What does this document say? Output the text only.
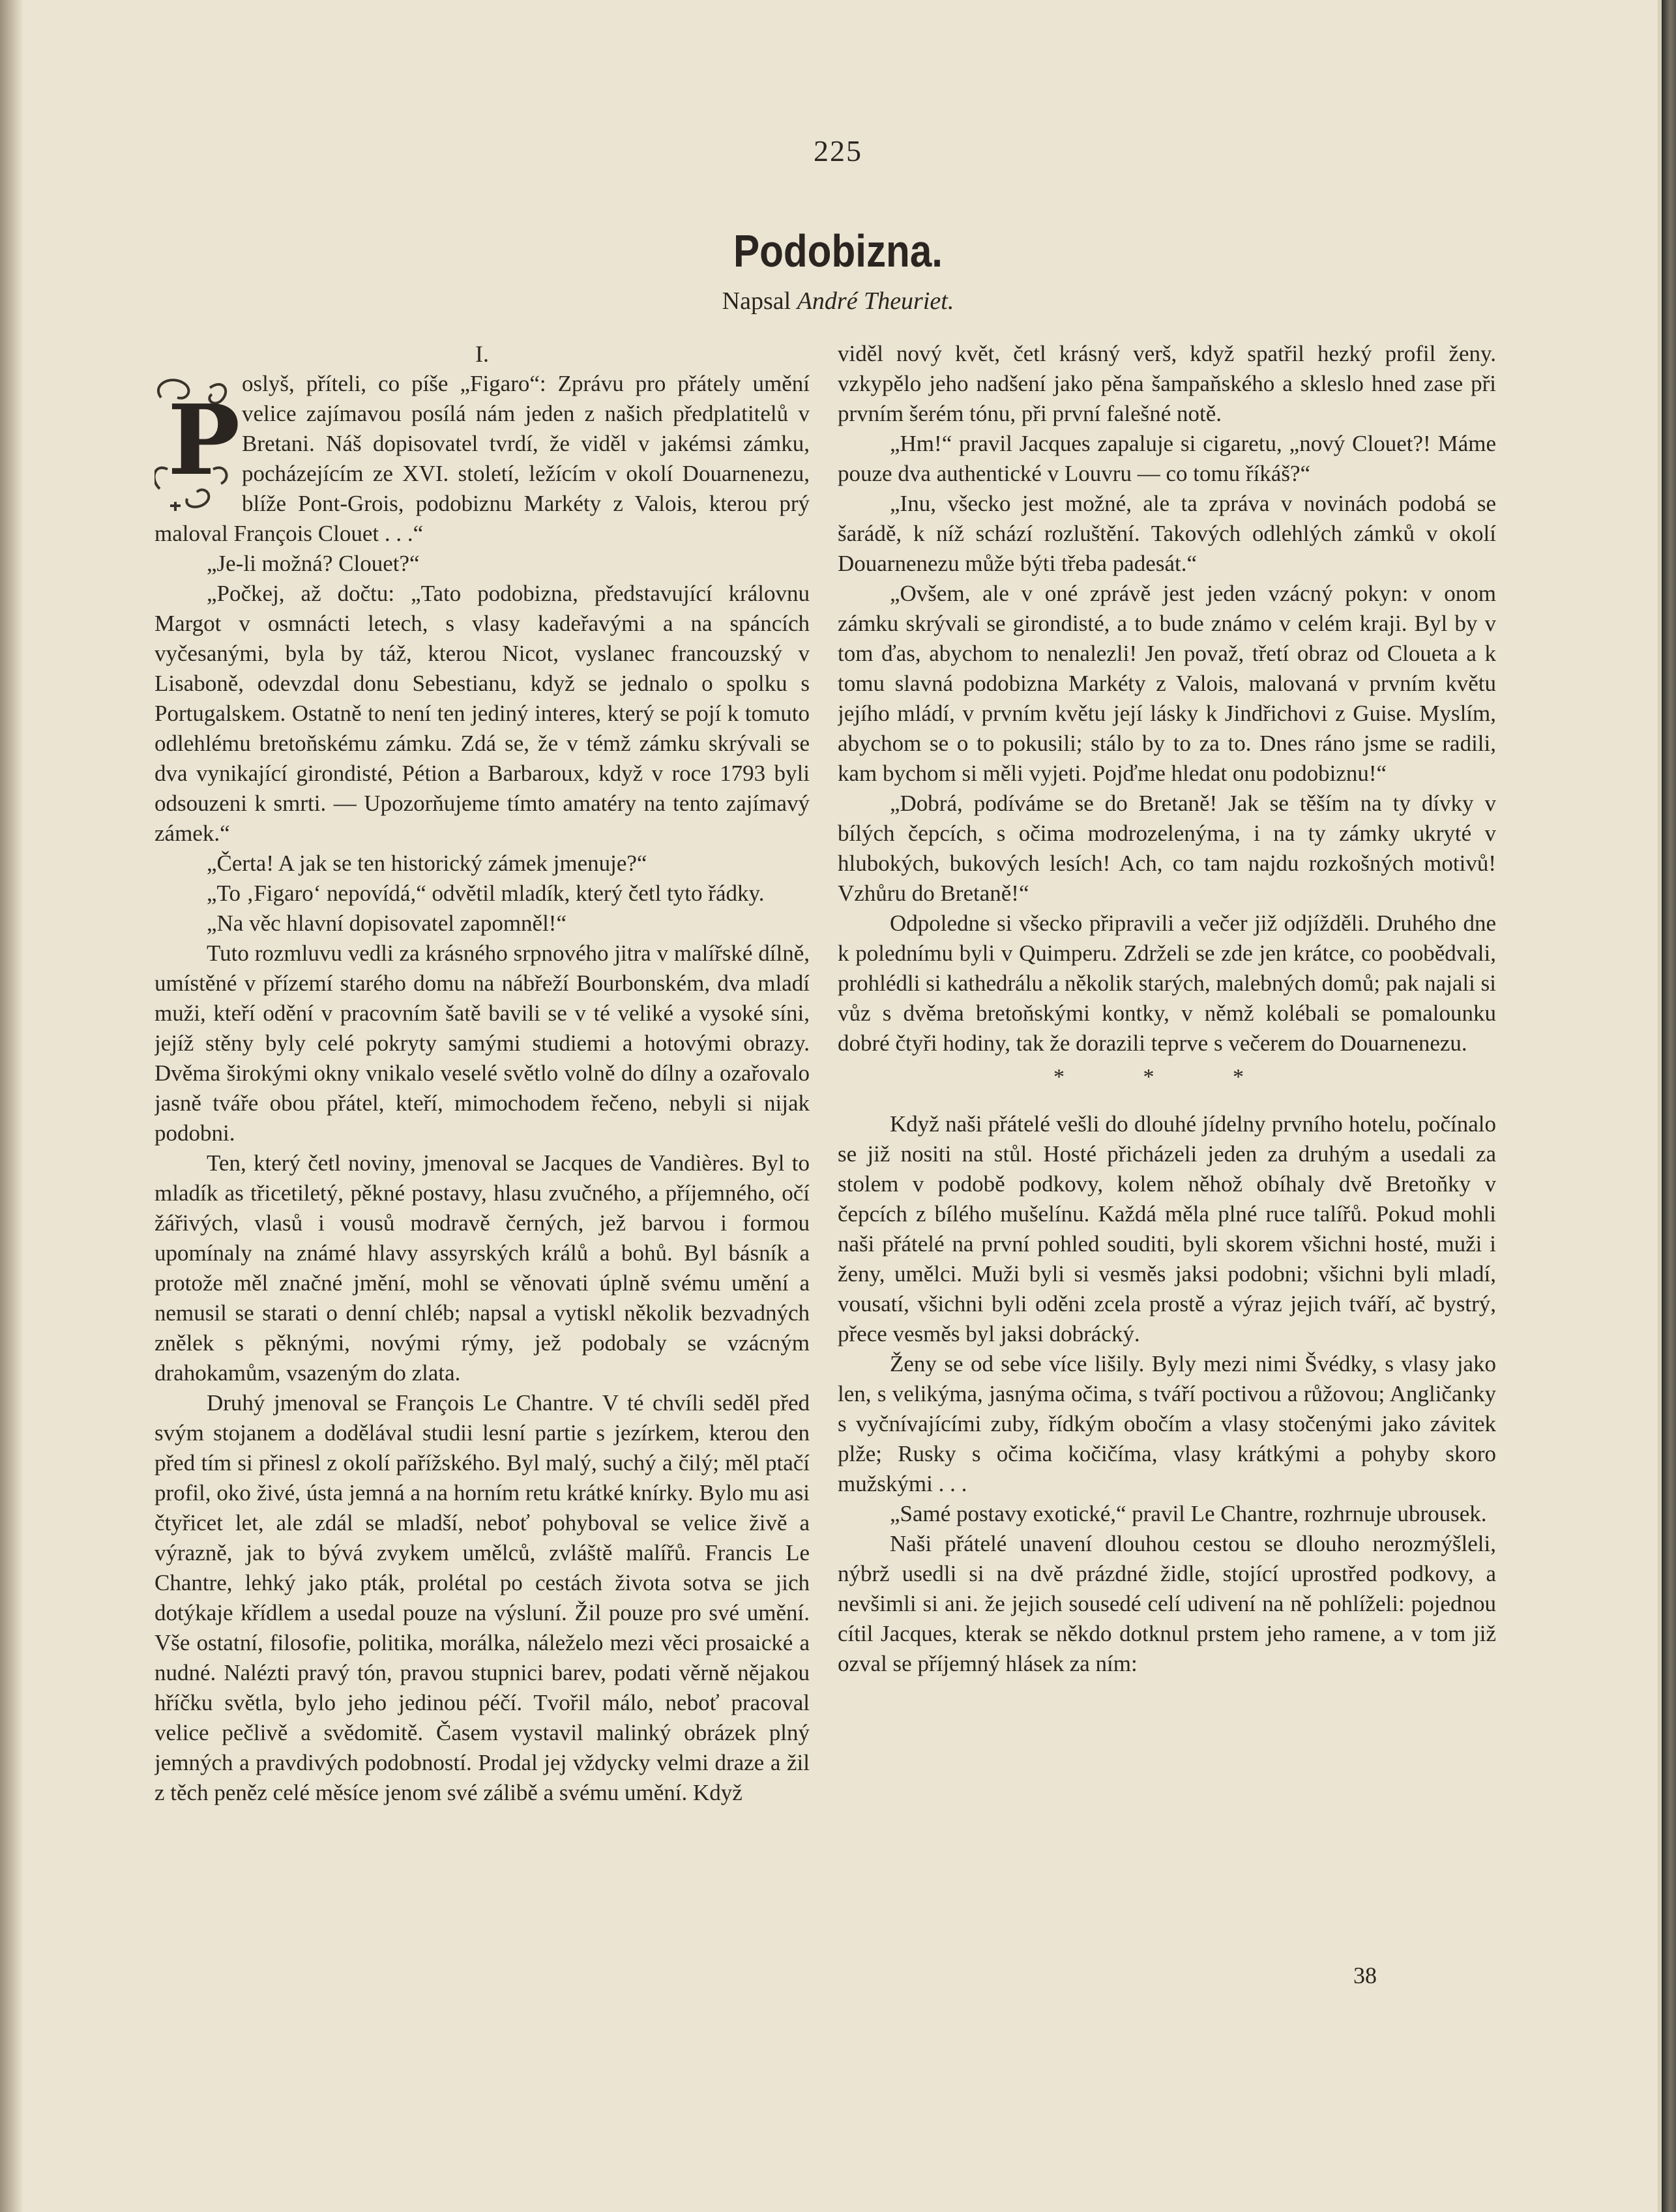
225
Podobizna.
Napsal André Theuriet.

I.

P oslyš, příteli, co píše „Figaro“: Zprávu pro přátely umění velice zajímavou posílá nám jeden z našich předplatitelů v Bretani. Náš dopisovatel tvrdí, že viděl v jakémsi zámku, pocházejícím ze XVI. století, ležícím v okolí Douarnenezu, blíže Pont-Grois, podobiznu Markéty z Valois, kterou prý maloval François Clouet . . .“

„Je-li možná? Clouet?“

„Počkej, až dočtu: „Tato podobizna, představující královnu Margot v osmnácti letech, s vlasy kadeřavými a na spáncích vyčesanými, byla by táž, kterou Nicot, vyslanec francouzský v Lisaboně, odevzdal donu Sebestianu, když se jednalo o spolku s Portugalskem. Ostatně to není ten jediný interes, který se pojí k tomuto odlehlému bretoňskému zámku. Zdá se, že v témž zámku skrývali se dva vynikající girondisté, Pétion a Barbaroux, když v roce 1793 byli odsouzeni k smrti. — Upozorňujeme tímto amatéry na tento zajímavý zámek.“

„Čerta! A jak se ten historický zámek jmenuje?“

„To ‚Figaro‘ nepovídá,“ odvětil mladík, který četl tyto řádky.

„Na věc hlavní dopisovatel zapomněl!“

Tuto rozmluvu vedli za krásného srpnového jitra v malířské dílně, umístěné v přízemí starého domu na nábřeží Bourbonském, dva mladí muži, kteří odění v pracovním šatě bavili se v té veliké a vysoké síni, jejíž stěny byly celé pokryty samými studiemi a hotovými obrazy. Dvěma širokými okny vnikalo veselé světlo volně do dílny a ozařovalo jasně tváře obou přátel, kteří, mimochodem řečeno, nebyli si nijak podobni.

Ten, který četl noviny, jmenoval se Jacques de Vandières. Byl to mladík as třicetiletý, pěkné postavy, hlasu zvučného, a příjemného, očí žářivých, vlasů i vousů modravě černých, jež barvou i formou upomínaly na známé hlavy assyrských králů a bohů. Byl básník a protože měl značné jmění, mohl se věnovati úplně svému umění a nemusil se starati o denní chléb; napsal a vytiskl několik bezvadných znělek s pěknými, novými rýmy, jež podobaly se vzácným drahokamům, vsazeným do zlata.

Druhý jmenoval se François Le Chantre. V té chvíli seděl před svým stojanem a dodělával studii lesní partie s jezírkem, kterou den před tím si přinesl z okolí pařížského. Byl malý, suchý a čilý; měl ptačí profil, oko živé, ústa jemná a na horním retu krátké knírky. Bylo mu asi čtyřicet let, ale zdál se mladší, neboť pohyboval se velice živě a výrazně, jak to bývá zvykem umělců, zvláště malířů. Francis Le Chantre, lehký jako pták, prolétal po cestách života sotva se jich dotýkaje křídlem a usedal pouze na výsluní. Žil pouze pro své umění. Vše ostatní, filosofie, politika, morálka, náleželo mezi věci prosaické a nudné. Nalézti pravý tón, pravou stupnici barev, podati věrně nějakou hříčku světla, bylo jeho jedinou péčí. Tvořil málo, neboť pracoval velice pečlivě a svědomitě. Časem vystavil malinký obrázek plný jemných a pravdivých podobností. Prodal jej vždycky velmi draze a žil z těch peněz celé měsíce jenom své zálibě a svému umění. Když

viděl nový květ, četl krásný verš, když spatřil hezký profil ženy. vzkypělo jeho nadšení jako pěna šampaňského a skleslo hned zase při prvním šerém tónu, při první falešné notě.

„Hm!“ pravil Jacques zapaluje si cigaretu, „nový Clouet?! Máme pouze dva authentické v Louvru — co tomu říkáš?“

„Inu, všecko jest možné, ale ta zpráva v novinách podobá se šarádě, k níž schází rozluštění. Takových odlehlých zámků v okolí Douarnenezu může býti třeba padesát.“

„Ovšem, ale v oné zprávě jest jeden vzácný pokyn: v onom zámku skrývali se girondisté, a to bude známo v celém kraji. Byl by v tom ďas, abychom to nenalezli! Jen považ, třetí obraz od Cloueta a k tomu slavná podobizna Markéty z Valois, malovaná v prvním květu jejího mládí, v prvním květu její lásky k Jindřichovi z Guise. Myslím, abychom se o to pokusili; stálo by to za to. Dnes ráno jsme se radili, kam bychom si měli vyjeti. Pojďme hledat onu podobiznu!“

„Dobrá, podíváme se do Bretaně! Jak se těším na ty dívky v bílých čepcích, s očima modrozelenýma, i na ty zámky ukryté v hlubokých, bukových lesích! Ach, co tam najdu rozkošných motivů! Vzhůru do Bretaně!“

Odpoledne si všecko připravili a večer již odjížděli. Druhého dne k polednímu byli v Quimperu. Zdrželi se zde jen krátce, co poobědvali, prohlédli si kathedrálu a několik starých, malebných domů; pak najali si vůz s dvěma bretoňskými kontky, v němž kolébali se pomalounku dobré čtyři hodiny, tak že dorazili teprve s večerem do Douarnenezu.

* * *

Když naši přátelé vešli do dlouhé jídelny prvního hotelu, počínalo se již nositi na stůl. Hosté přicházeli jeden za druhým a usedali za stolem v podobě podkovy, kolem něhož obíhaly dvě Bretoňky v čepcích z bílého mušelínu. Každá měla plné ruce talířů. Pokud mohli naši přátelé na první pohled souditi, byli skorem všichni hosté, muži i ženy, umělci. Muži byli si vesměs jaksi podobni; všichni byli mladí, vousatí, všichni byli oděni zcela prostě a výraz jejich tváří, ač bystrý, přece vesměs byl jaksi dobrácký.

Ženy se od sebe více lišily. Byly mezi nimi Švédky, s vlasy jako len, s velikýma, jasnýma očima, s tváří poctivou a růžovou; Angličanky s vyčnívajícími zuby, řídkým obočím a vlasy stočenými jako závitek plže; Rusky s očima kočičíma, vlasy krátkými a pohyby skoro mužskými . . .

„Samé postavy exotické,“ pravil Le Chantre, rozhrnuje ubrousek.

Naši přátelé unavení dlouhou cestou se dlouho nerozmýšleli, nýbrž usedli si na dvě prázdné židle, stojící uprostřed podkovy, a nevšimli si ani. že jejich sousedé celí udivení na ně pohlíželi: pojednou cítil Jacques, kterak se někdo dotknul prstem jeho ramene, a v tom již ozval se příjemný hlásek za ním:

38
